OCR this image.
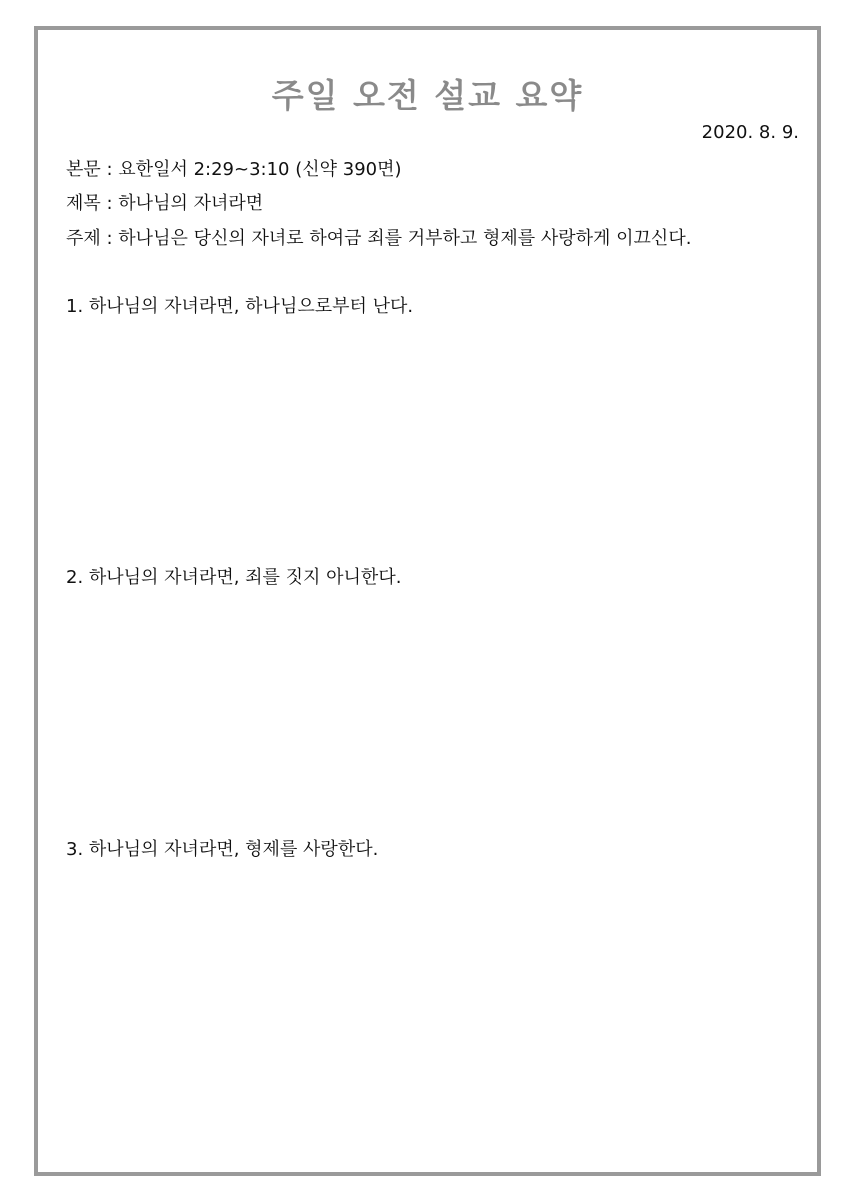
주일 오전 설교 요약
2020. 8. 9.
본문 : 요한일서 2:29~3:10 (신약 390면)
제목 : 하나님의 자녀라면
주제 : 하나님은 당신의 자녀로 하여금 죄를 거부하고 형제를 사랑하게 이끄신다.
1. 하나님의 자녀라면, 하나님으로부터 난다.
2. 하나님의 자녀라면, 죄를 짓지 아니한다.
3. 하나님의 자녀라면, 형제를 사랑한다.
